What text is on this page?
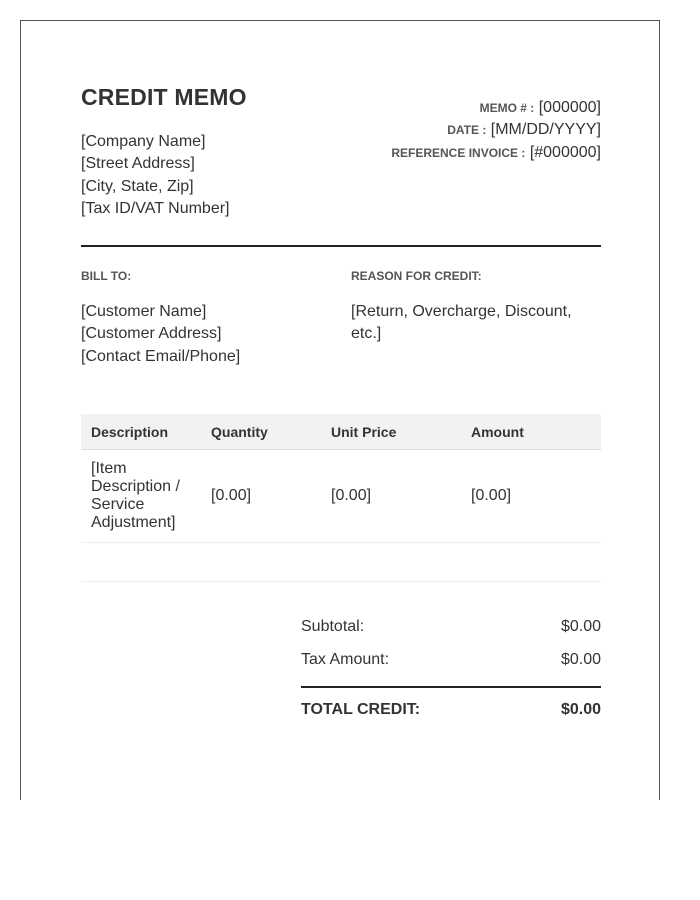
CREDIT MEMO
[Company Name]
[Street Address]
[City, State, Zip]
[Tax ID/VAT Number]
MEMO # : [000000]
DATE : [MM/DD/YYYY]
REFERENCE INVOICE : [#000000]
BILL TO:	REASON FOR CREDIT:
[Customer Name]
[Customer Address]
[Contact Email/Phone]
[Return, Overcharge, Discount, etc.]
Description	Quantity	Unit Price	Amount
[Item Description / Service Adjustment]	[0.00]	[0.00]	[0.00]
Subtotal:	$0.00
Tax Amount:	$0.00
TOTAL CREDIT:	$0.00
